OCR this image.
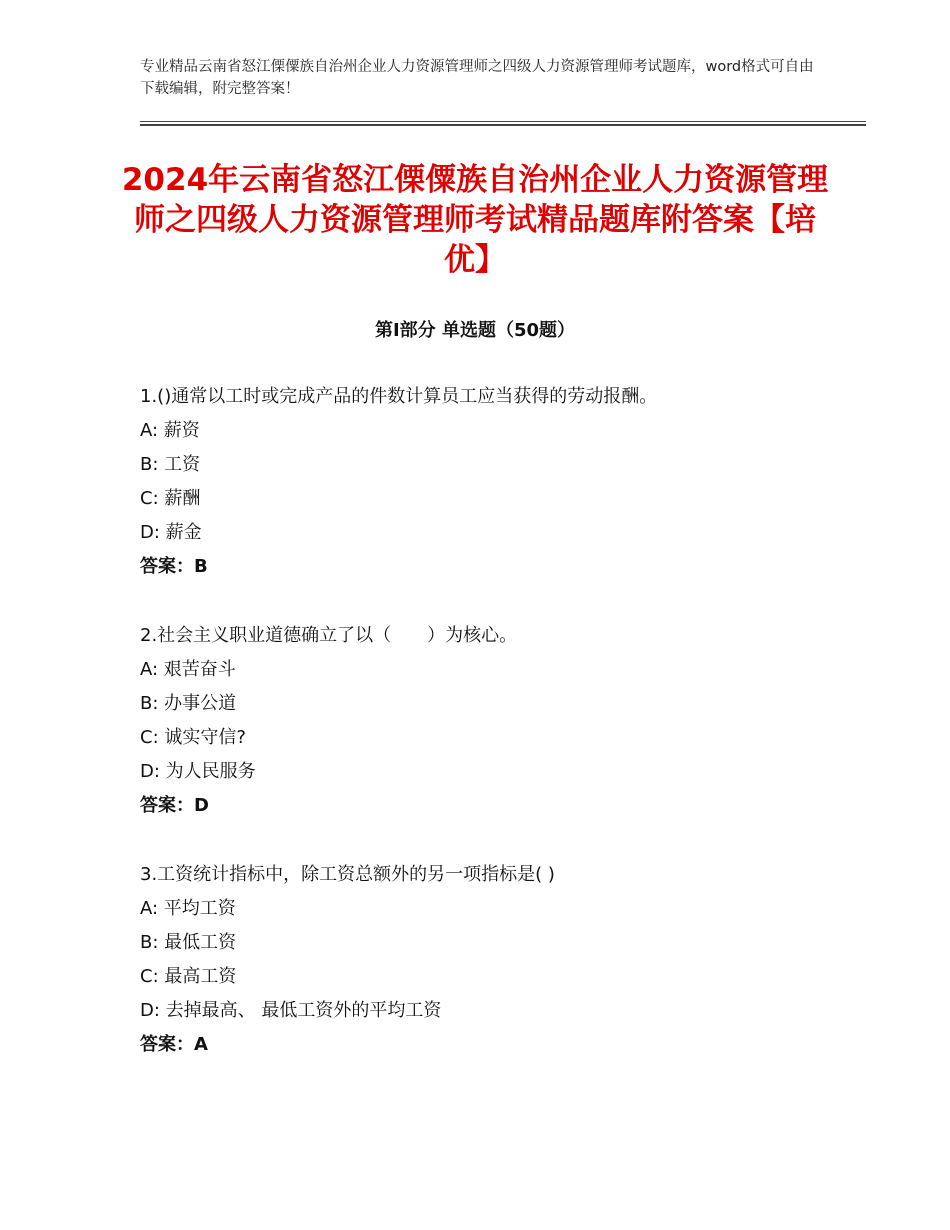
专业精品云南省怒江傈僳族自治州企业人力资源管理师之四级人力资源管理师考试题库，word格式可自由下载编辑，附完整答案！
2024年云南省怒江傈僳族自治州企业人力资源管理师之四级人力资源管理师考试精品题库附答案【培优】
第Ⅰ部分 单选题（50题）
1.()通常以工时或完成产品的件数计算员工应当获得的劳动报酬。
A: 薪资
B: 工资
C: 薪酬
D: 薪金
答案：B
2.社会主义职业道德确立了以（　　）为核心。
A: 艰苦奋斗
B: 办事公道
C: 诚实守信?
D: 为人民服务
答案：D
3.工资统计指标中，除工资总额外的另一项指标是( )
A: 平均工资
B: 最低工资
C: 最高工资
D: 去掉最高、 最低工资外的平均工资
答案：A
